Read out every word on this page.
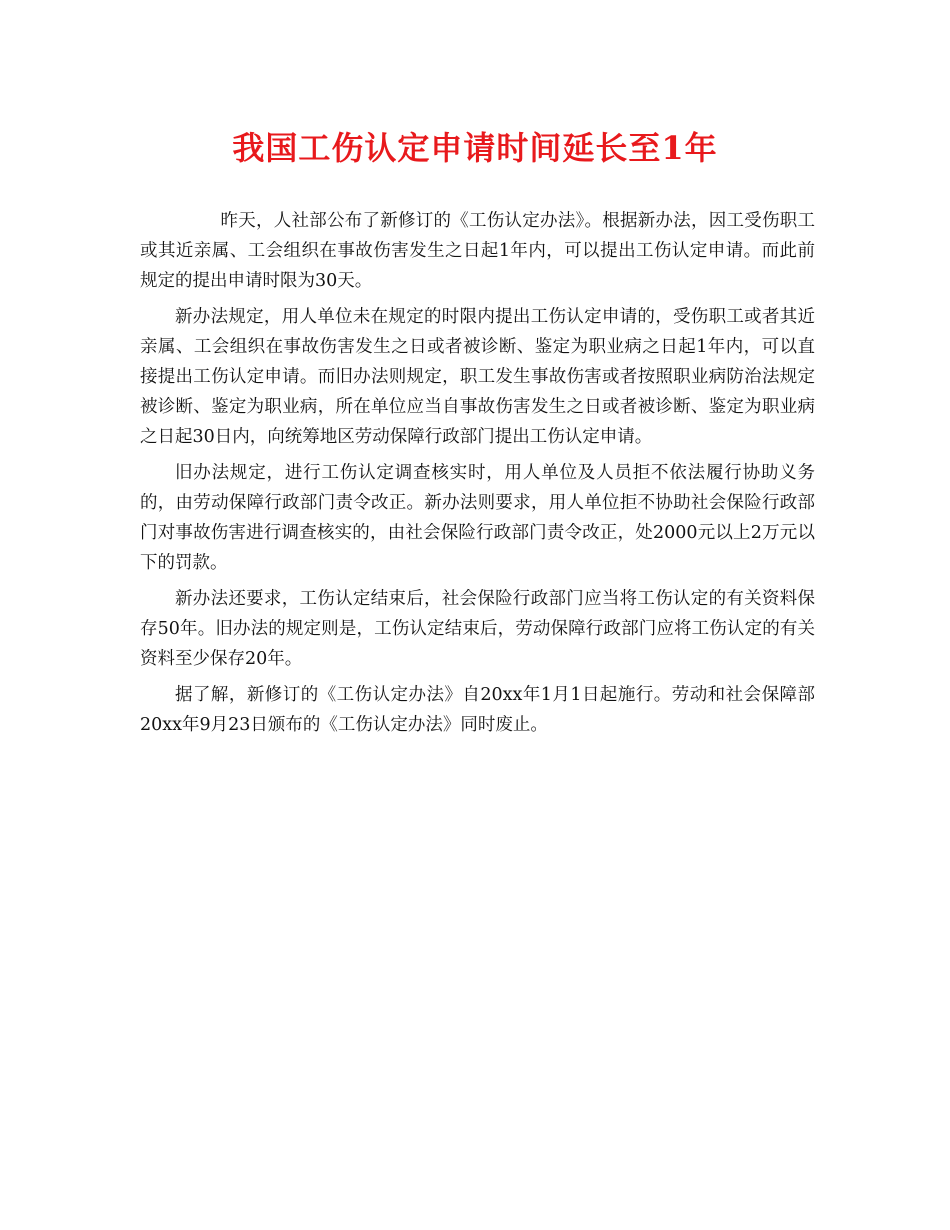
我国工伤认定申请时间延长至1年

昨天，人社部公布了新修订的《工伤认定办法》。根据新办法，因工受伤职工或其近亲属、工会组织在事故伤害发生之日起1年内，可以提出工伤认定申请。而此前规定的提出申请时限为30天。

新办法规定，用人单位未在规定的时限内提出工伤认定申请的，受伤职工或者其近亲属、工会组织在事故伤害发生之日或者被诊断、鉴定为职业病之日起1年内，可以直接提出工伤认定申请。而旧办法则规定，职工发生事故伤害或者按照职业病防治法规定被诊断、鉴定为职业病，所在单位应当自事故伤害发生之日或者被诊断、鉴定为职业病之日起30日内，向统筹地区劳动保障行政部门提出工伤认定申请。

旧办法规定，进行工伤认定调查核实时，用人单位及人员拒不依法履行协助义务的，由劳动保障行政部门责令改正。新办法则要求，用人单位拒不协助社会保险行政部门对事故伤害进行调查核实的，由社会保险行政部门责令改正，处2000元以上2万元以下的罚款。

新办法还要求，工伤认定结束后，社会保险行政部门应当将工伤认定的有关资料保存50年。旧办法的规定则是，工伤认定结束后，劳动保障行政部门应将工伤认定的有关资料至少保存20年。

据了解，新修订的《工伤认定办法》自20xx年1月1日起施行。劳动和社会保障部20xx年9月23日颁布的《工伤认定办法》同时废止。
